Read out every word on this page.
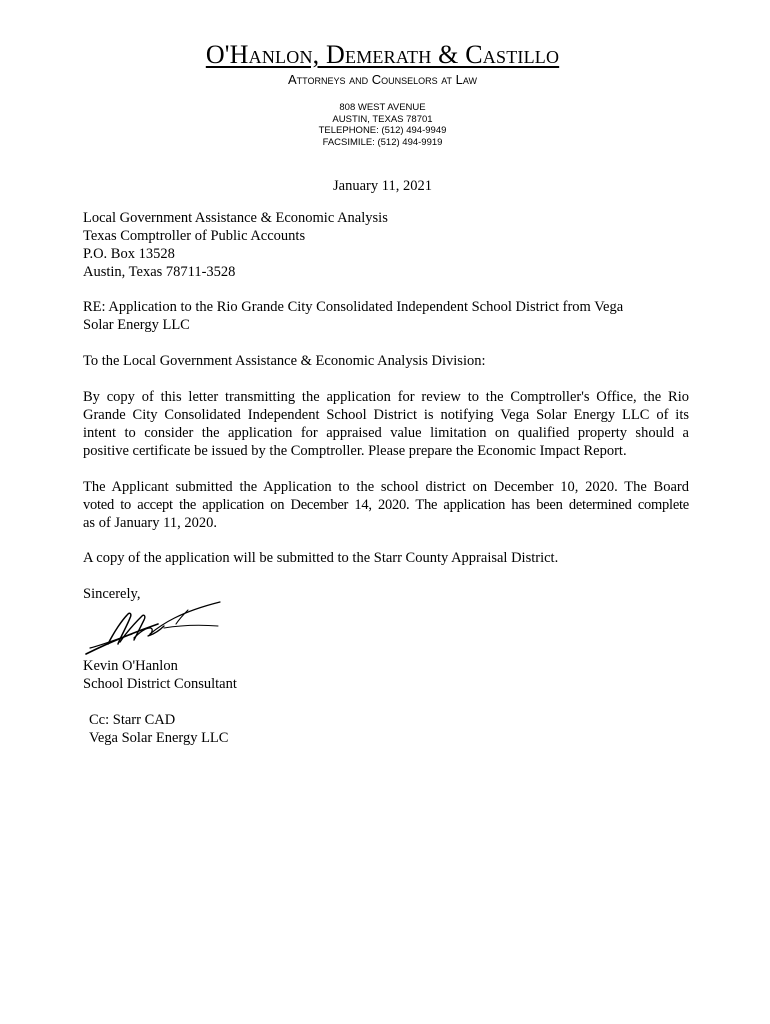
O'Hanlon, Demerath & Castillo
Attorneys and Counselors at Law
808 WEST AVENUE
AUSTIN, TEXAS 78701
TELEPHONE: (512) 494-9949
FACSIMILE: (512) 494-9919
January 11, 2021
Local Government Assistance & Economic Analysis
Texas Comptroller of Public Accounts
P.O. Box 13528
Austin, Texas 78711-3528
RE: Application to the Rio Grande City Consolidated Independent School District from Vega
Solar Energy LLC
To the Local Government Assistance & Economic Analysis Division:
By copy of this letter transmitting the application for review to the Comptroller's Office, the Rio
Grande City Consolidated Independent School District is notifying Vega Solar Energy LLC of its
intent to consider the application for appraised value limitation on qualified property should a
positive certificate be issued by the Comptroller. Please prepare the Economic Impact Report.
The Applicant submitted the Application to the school district on December 10, 2020. The Board
voted to accept the application on December 14, 2020. The application has been determined complete
as of January 11, 2020.
A copy of the application will be submitted to the Starr County Appraisal District.
Sincerely,
Kevin O'Hanlon
School District Consultant
Cc: Starr CAD
Vega Solar Energy LLC
